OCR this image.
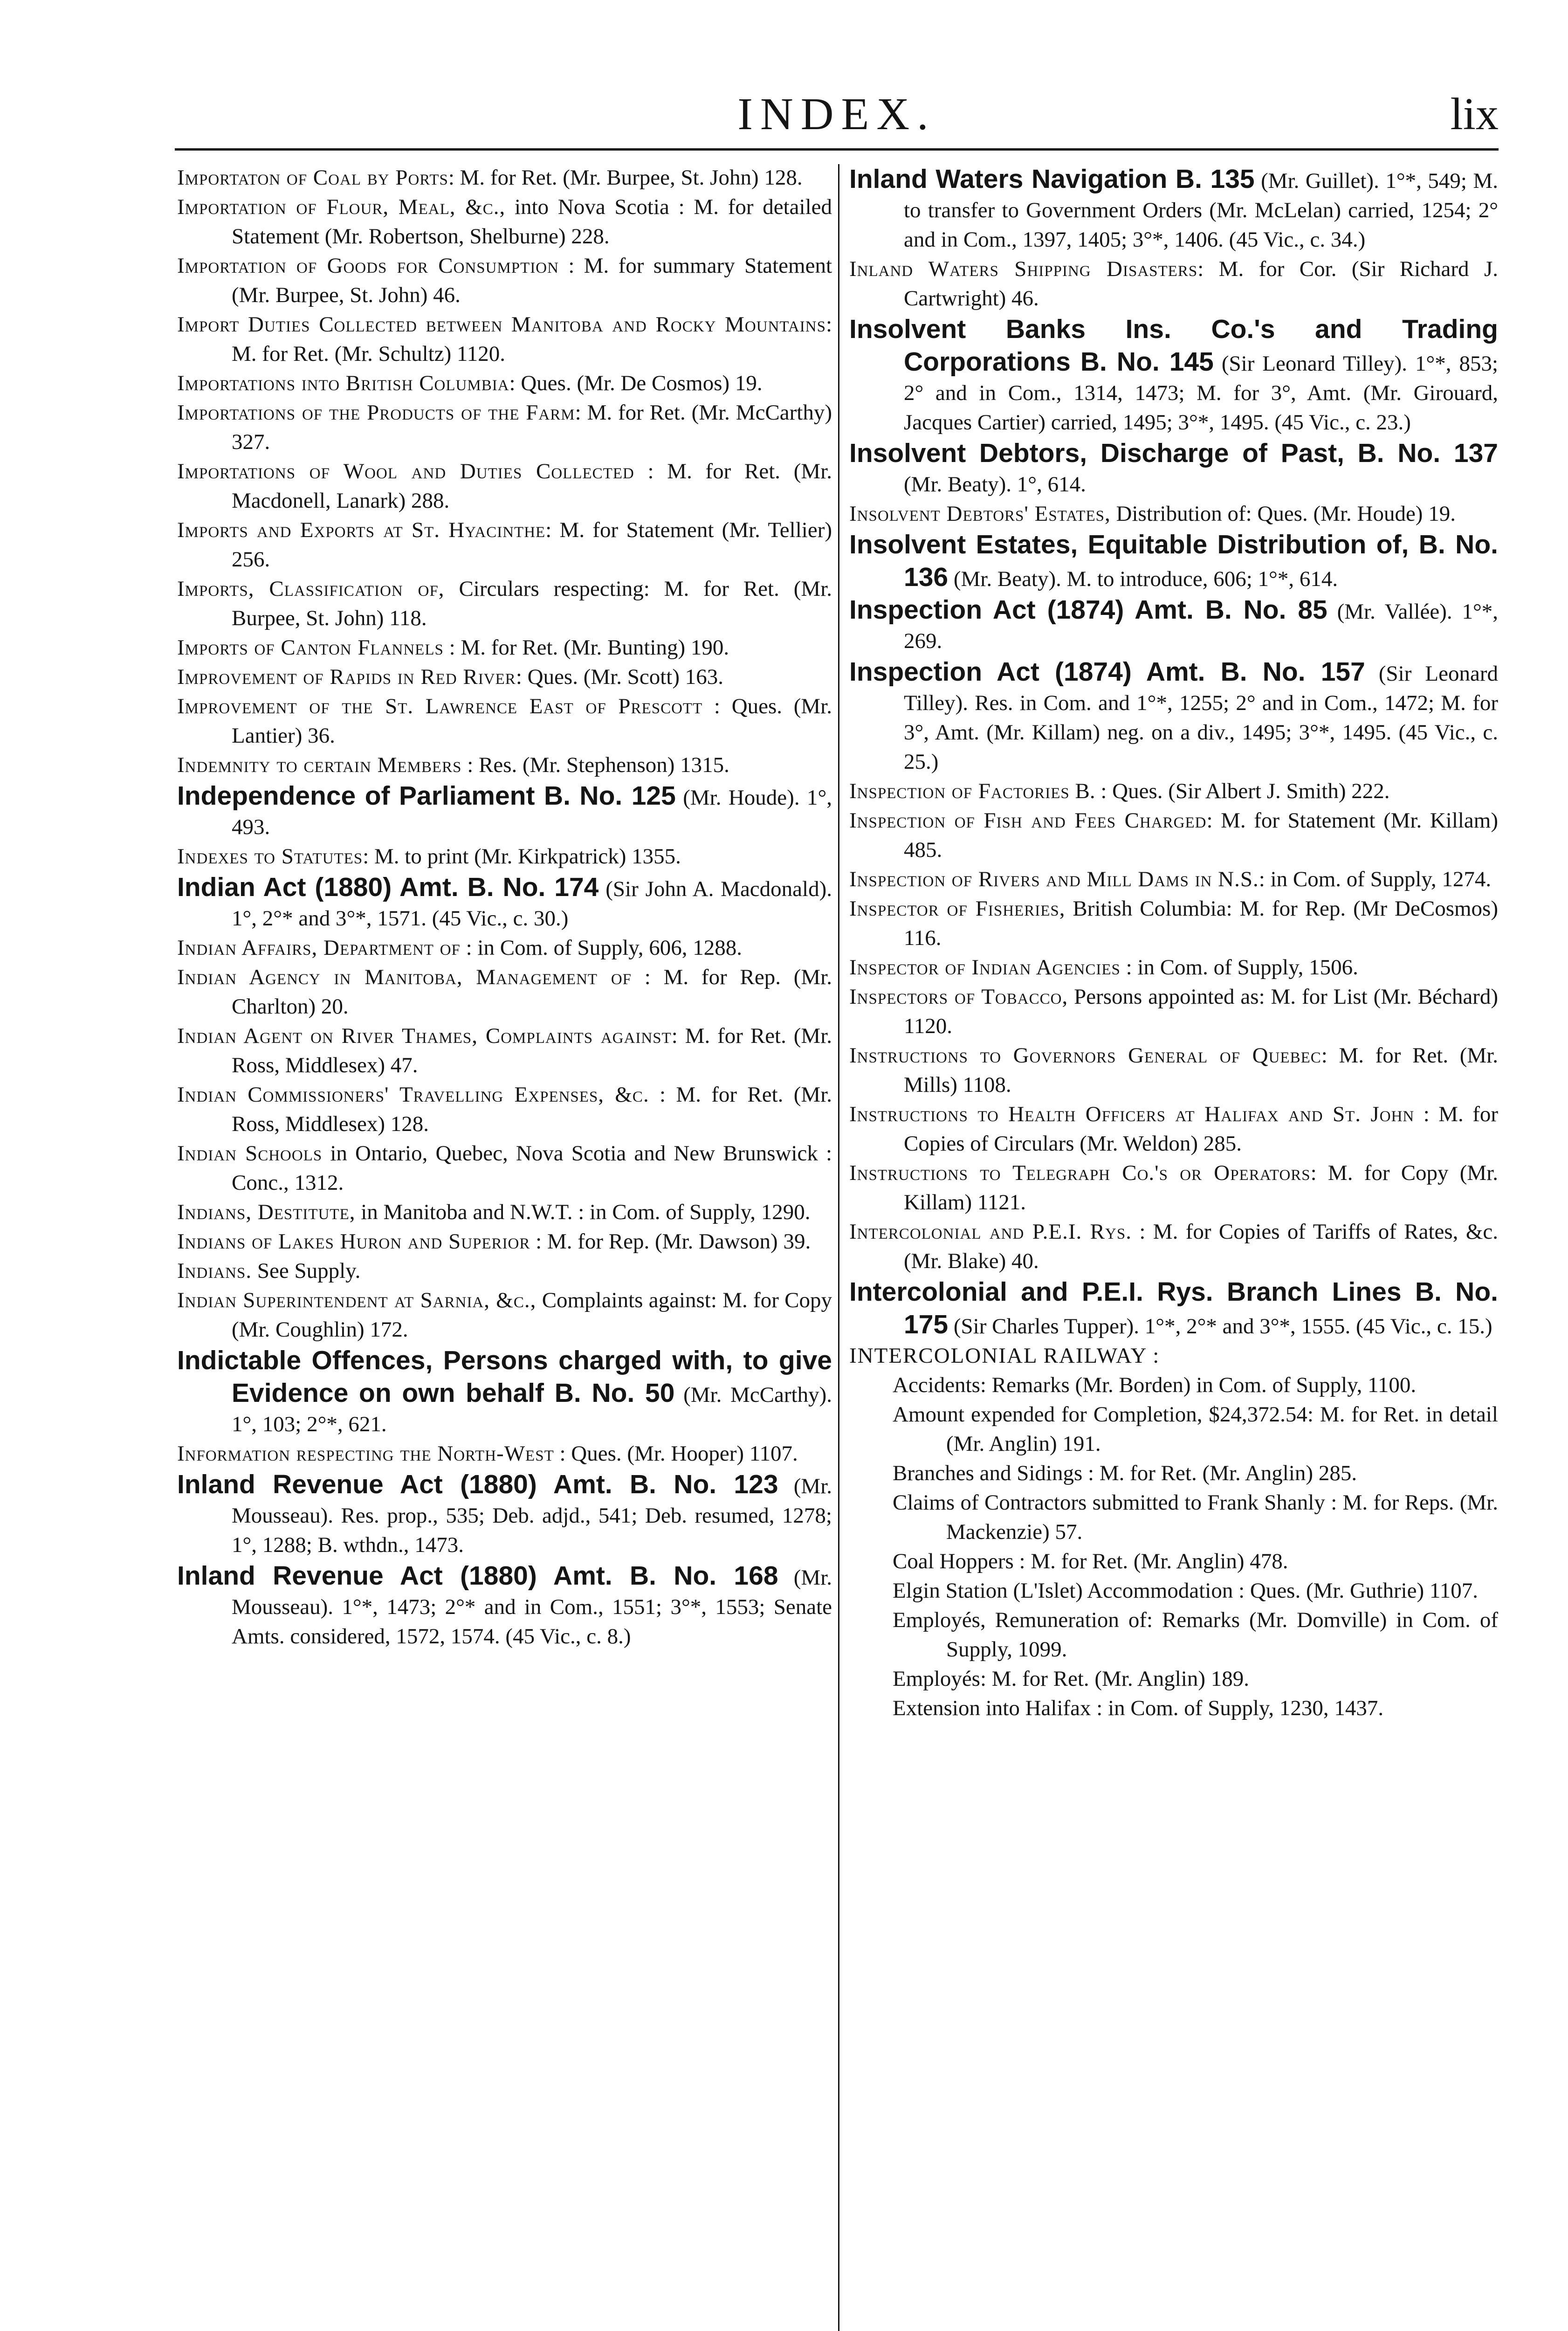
INDEX.	lix

Importaton of Coal by Ports: M. for Ret. (Mr. Burpee, St. John) 128.

Importation of Flour, Meal, &c., into Nova Scotia : M. for detailed Statement (Mr. Robertson, Shelburne) 228.

Importation of Goods for Consumption : M. for summary Statement (Mr. Burpee, St. John) 46.

Import Duties Collected between Manitoba and Rocky Mountains: M. for Ret. (Mr. Schultz) 1120.

Importations into British Columbia: Ques. (Mr. De Cosmos) 19.

Importations of the Products of the Farm: M. for Ret. (Mr. McCarthy) 327.

Importations of Wool and Duties Collected : M. for Ret. (Mr. Macdonell, Lanark) 288.

Imports and Exports at St. Hyacinthe: M. for Statement (Mr. Tellier) 256.

Imports, Classification of, Circulars respecting: M. for Ret. (Mr. Burpee, St. John) 118.

Imports of Canton Flannels : M. for Ret. (Mr. Bunting) 190.

Improvement of Rapids in Red River: Ques. (Mr. Scott) 163.

Improvement of the St. Lawrence East of Prescott : Ques. (Mr. Lantier) 36.

Indemnity to certain Members : Res. (Mr. Stephenson) 1315.

Independence of Parliament B. No. 125 (Mr. Houde). 1°, 493.

Indexes to Statutes: M. to print (Mr. Kirkpatrick) 1355.

Indian Act (1880) Amt. B. No. 174 (Sir John A. Macdonald). 1°, 2°* and 3°*, 1571. (45 Vic., c. 30.)

Indian Affairs, Department of : in Com. of Supply, 606, 1288.

Indian Agency in Manitoba, Management of : M. for Rep. (Mr. Charlton) 20.

Indian Agent on River Thames, Complaints against: M. for Ret. (Mr. Ross, Middlesex) 47.

Indian Commissioners' Travelling Expenses, &c. : M. for Ret. (Mr. Ross, Middlesex) 128.

Indian Schools in Ontario, Quebec, Nova Scotia and New Brunswick : Conc., 1312.

Indians, Destitute, in Manitoba and N.W.T. : in Com. of Supply, 1290.

Indians of Lakes Huron and Superior : M. for Rep. (Mr. Dawson) 39.

Indians. See Supply.

Indian Superintendent at Sarnia, &c., Complaints against: M. for Copy (Mr. Coughlin) 172.

Indictable Offences, Persons charged with, to give Evidence on own behalf B. No. 50 (Mr. McCarthy). 1°, 103; 2°*, 621.

Information respecting the North-West : Ques. (Mr. Hooper) 1107.

Inland Revenue Act (1880) Amt. B. No. 123 (Mr. Mousseau). Res. prop., 535; Deb. adjd., 541; Deb. resumed, 1278; 1°, 1288; B. wthdn., 1473.

Inland Revenue Act (1880) Amt. B. No. 168 (Mr. Mousseau). 1°*, 1473; 2°* and in Com., 1551; 3°*, 1553; Senate Amts. considered, 1572, 1574. (45 Vic., c. 8.)

Inland Waters Navigation B. 135 (Mr. Guillet). 1°*, 549; M. to transfer to Government Orders (Mr. McLelan) carried, 1254; 2° and in Com., 1397, 1405; 3°*, 1406. (45 Vic., c. 34.)

Inland Waters Shipping Disasters: M. for Cor. (Sir Richard J. Cartwright) 46.

Insolvent Banks Ins. Co.'s and Trading Corporations B. No. 145 (Sir Leonard Tilley). 1°*, 853; 2° and in Com., 1314, 1473; M. for 3°, Amt. (Mr. Girouard, Jacques Cartier) carried, 1495; 3°*, 1495. (45 Vic., c. 23.)

Insolvent Debtors, Discharge of Past, B. No. 137 (Mr. Beaty). 1°, 614.

Insolvent Debtors' Estates, Distribution of: Ques. (Mr. Houde) 19.

Insolvent Estates, Equitable Distribution of, B. No. 136 (Mr. Beaty). M. to introduce, 606; 1°*, 614.

Inspection Act (1874) Amt. B. No. 85 (Mr. Vallée). 1°*, 269.

Inspection Act (1874) Amt. B. No. 157 (Sir Leonard Tilley). Res. in Com. and 1°*, 1255; 2° and in Com., 1472; M. for 3°, Amt. (Mr. Killam) neg. on a div., 1495; 3°*, 1495. (45 Vic., c. 25.)

Inspection of Factories B. : Ques. (Sir Albert J. Smith) 222.

Inspection of Fish and Fees Charged: M. for Statement (Mr. Killam) 485.

Inspection of Rivers and Mill Dams in N.S.: in Com. of Supply, 1274.

Inspector of Fisheries, British Columbia: M. for Rep. (Mr DeCosmos) 116.

Inspector of Indian Agencies : in Com. of Supply, 1506.

Inspectors of Tobacco, Persons appointed as: M. for List (Mr. Béchard) 1120.

Instructions to Governors General of Quebec: M. for Ret. (Mr. Mills) 1108.

Instructions to Health Officers at Halifax and St. John : M. for Copies of Circulars (Mr. Weldon) 285.

Instructions to Telegraph Co.'s or Operators: M. for Copy (Mr. Killam) 1121.

Intercolonial and P.E.I. Rys. : M. for Copies of Tariffs of Rates, &c. (Mr. Blake) 40.

Intercolonial and P.E.I. Rys. Branch Lines B. No. 175 (Sir Charles Tupper). 1°*, 2°* and 3°*, 1555. (45 Vic., c. 15.)

INTERCOLONIAL RAILWAY :

Accidents: Remarks (Mr. Borden) in Com. of Supply, 1100.

Amount expended for Completion, $24,372.54: M. for Ret. in detail (Mr. Anglin) 191.

Branches and Sidings : M. for Ret. (Mr. Anglin) 285.

Claims of Contractors submitted to Frank Shanly : M. for Reps. (Mr. Mackenzie) 57.

Coal Hoppers : M. for Ret. (Mr. Anglin) 478.

Elgin Station (L'Islet) Accommodation : Ques. (Mr. Guthrie) 1107.

Employés, Remuneration of: Remarks (Mr. Domville) in Com. of Supply, 1099.

Employés: M. for Ret. (Mr. Anglin) 189.

Extension into Halifax : in Com. of Supply, 1230, 1437.
